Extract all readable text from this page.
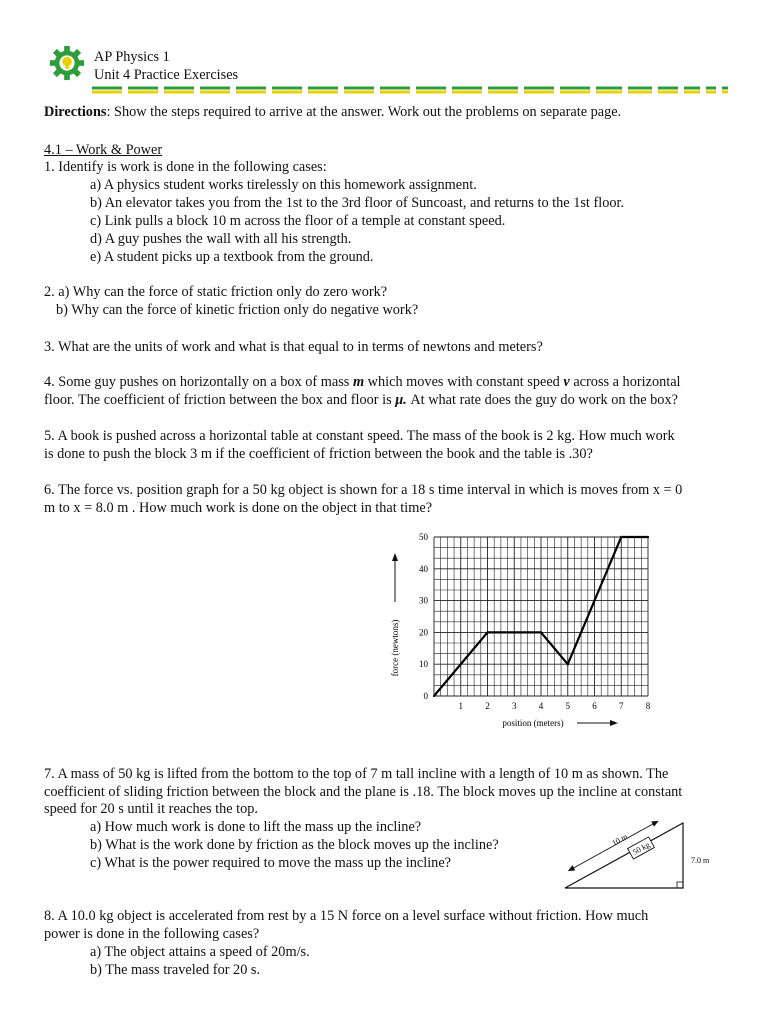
AP Physics 1
Unit 4 Practice Exercises
Directions: Show the steps required to arrive at the answer. Work out the problems on separate page.
4.1 – Work & Power
1. Identify is work is done in the following cases:
a) A physics student works tirelessly on this homework assignment.
b) An elevator takes you from the 1st to the 3rd floor of Suncoast, and returns to the 1st floor.
c) Link pulls a block 10 m across the floor of a temple at constant speed.
d) A guy pushes the wall with all his strength.
e) A student picks up a textbook from the ground.
2. a) Why can the force of static friction only do zero work?
b) Why can the force of kinetic friction only do negative work?
3. What are the units of work and what is that equal to in terms of newtons and meters?
4. Some guy pushes on horizontally on a box of mass m which moves with constant speed v across a horizontal
floor. The coefficient of friction between the box and floor is μ. At what rate does the guy do work on the box?
5. A book is pushed across a horizontal table at constant speed. The mass of the book is 2 kg. How much work
is done to push the block 3 m if the coefficient of friction between the book and the table is .30?
6. The force vs. position graph for a 50 kg object is shown for a 18 s time interval in which is moves from x = 0
m to x = 8.0 m . How much work is done on the object in that time?
0
10
20
30
40
50
1 2 3 4 5 6 7 8
position (meters)
force (newtons)
7. A mass of 50 kg is lifted from the bottom to the top of 7 m tall incline with a length of 10 m as shown. The
coefficient of sliding friction between the block and the plane is .18. The block moves up the incline at constant
speed for 20 s until it reaches the top.
a) How much work is done to lift the mass up the incline?
b) What is the work done by friction as the block moves up the incline?
c) What is the power required to move the mass up the incline?
10 m
50 kg
7.0 m
8. A 10.0 kg object is accelerated from rest by a 15 N force on a level surface without friction. How much
power is done in the following cases?
a) The object attains a speed of 20m/s.
b) The mass traveled for 20 s.
